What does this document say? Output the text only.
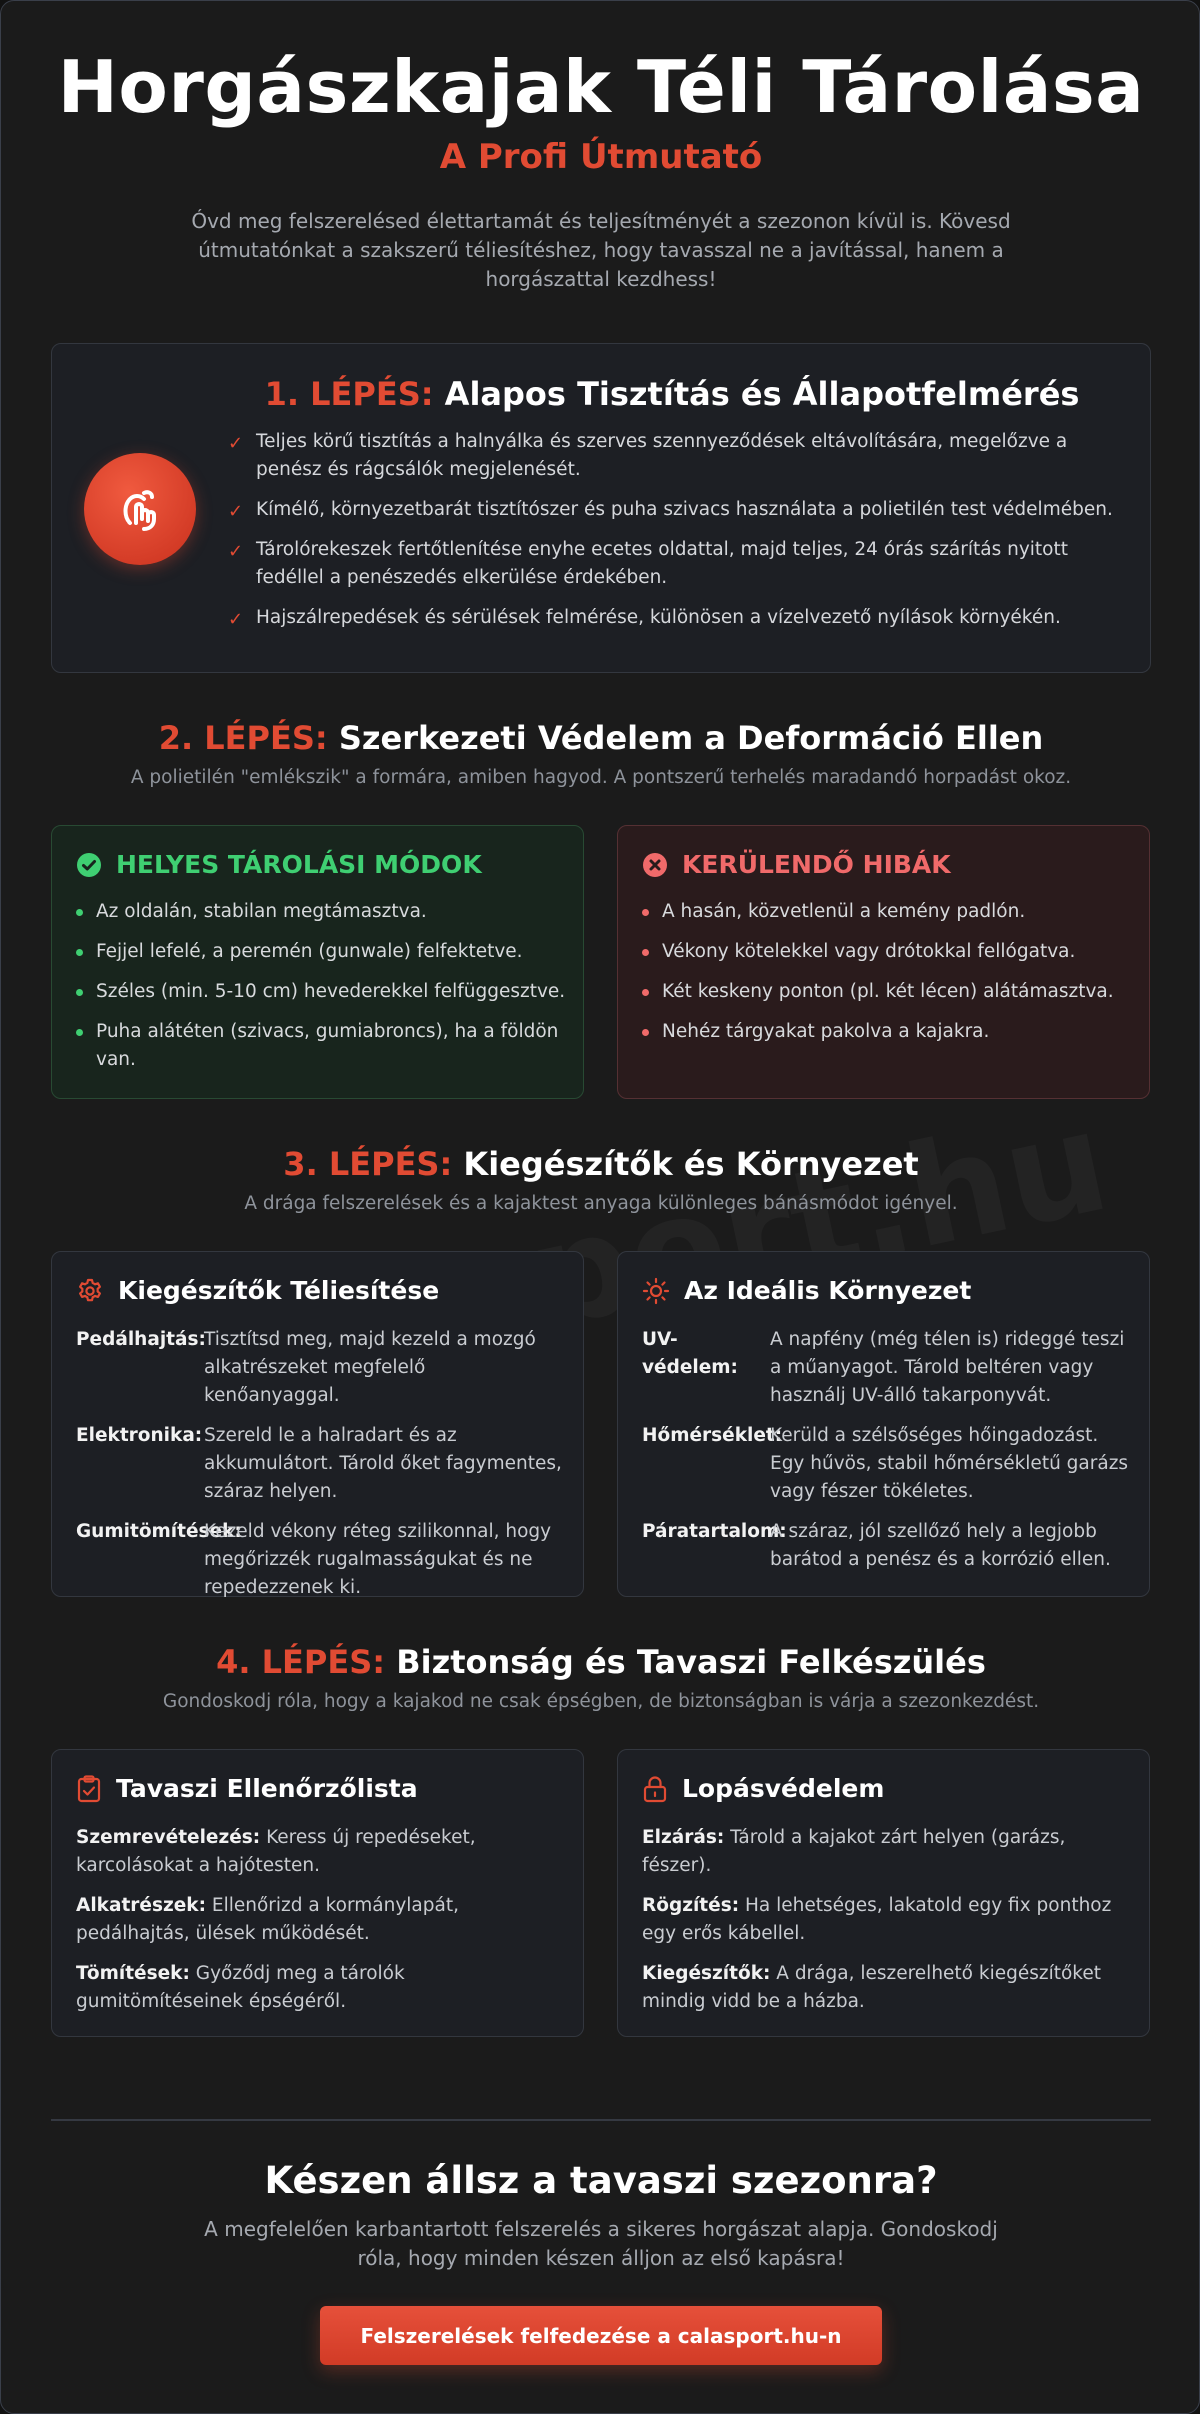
Horgászkajak Téli Tárolása
A Profi Útmutató

Óvd meg felszerelésed élettartamát és teljesítményét a szezonon kívül is. Kövesd útmutatónkat a szakszerű téliesítéshez, hogy tavasszal ne a javítással, hanem a horgászattal kezdhess!

1. LÉPÉS: Alapos Tisztítás és Állapotfelmérés
✓ Teljes körű tisztítás a halnyálka és szerves szennyeződések eltávolítására, megelőzve a penész és rágcsálók megjelenését.
✓ Kímélő, környezetbarát tisztítószer és puha szivacs használata a polietilén test védelmében.
✓ Tárolórekeszek fertőtlenítése enyhe ecetes oldattal, majd teljes, 24 órás szárítás nyitott fedéllel a penészedés elkerülése érdekében.
✓ Hajszálrepedések és sérülések felmérése, különösen a vízelvezető nyílások környékén.
2. LÉPÉS: Szerkezeti Védelem a Deformáció Ellen

A polietilén "emlékszik" a formára, amiben hagyod. A pontszerű terhelés maradandó horpadást okoz.

HELYES TÁROLÁSI MÓDOK
Az oldalán, stabilan megtámasztva.
Fejjel lefelé, a peremén (gunwale) felfektetve.
Széles (min. 5-10 cm) hevederekkel felfüggesztve.
Puha alátéten (szivacs, gumiabroncs), ha a földön van.
KERÜLENDŐ HIBÁK
A hasán, közvetlenül a kemény padlón.
Vékony kötelekkel vagy drótokkal fellógatva.
Két keskeny ponton (pl. két lécen) alátámasztva.
Nehéz tárgyakat pakolva a kajakra.
3. LÉPÉS: Kiegészítők és Környezet

A drága felszerelések és a kajaktest anyaga különleges bánásmódot igényel.

Kiegészítők Téliesítése
Pedálhajtás:
Tisztítsd meg, majd kezeld a mozgó alkatrészeket megfelelő kenőanyaggal.
Elektronika: Szereld le a halradart és az akkumulátort. Tárold őket fagymentes, száraz helyen.
Gumitömítések:
Kezeld vékony réteg szilikonnal, hogy megőrizzék rugalmasságukat és ne repedezzenek ki.
Az Ideális Környezet
UV-védelem:
A napfény (még télen is) rideggé teszi a műanyagot. Tárold beltéren vagy használj UV-álló takarponyvát.
Hőmérséklet:
Kerüld a szélsőséges hőingadozást. Egy hűvös, stabil hőmérsékletű garázs vagy fészer tökéletes.
Páratartalom:
A száraz, jól szellőző hely a legjobb barátod a penész és a korrózió ellen.
4. LÉPÉS: Biztonság és Tavaszi Felkészülés

Gondoskodj róla, hogy a kajakod ne csak épségben, de biztonságban is várja a szezonkezdést.

Tavaszi Ellenőrzőlista

Szemrevételezés: Keress új repedéseket, karcolásokat a hajótesten.

Alkatrészek: Ellenőrizd a kormánylapát, pedálhajtás, ülések működését.

Tömítések: Győződj meg a tárolók gumitömítéseinek épségéről.

Lopásvédelem

Elzárás: Tárold a kajakot zárt helyen (garázs, fészer).

Rögzítés: Ha lehetséges, lakatold egy fix ponthoz egy erős kábellel.

Kiegészítők: A drága, leszerelhető kiegészítőket mindig vidd be a házba.

Készen állsz a tavaszi szezonra?

A megfelelően karbantartott felszerelés a sikeres horgászat alapja. Gondoskodj róla, hogy minden készen álljon az első kapásra!

Felszerelések felfedezése a calasport.hu-n
